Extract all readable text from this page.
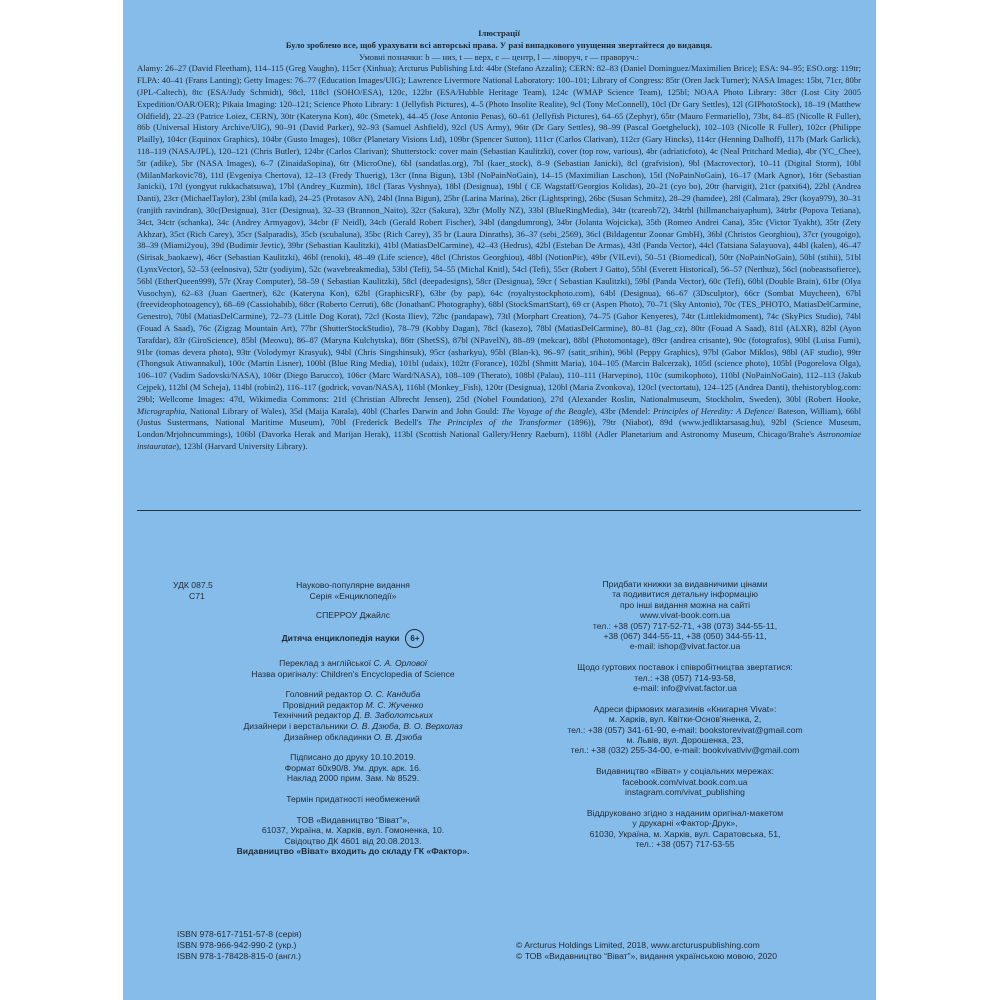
Ілюстрації
Було зроблено все, щоб урахувати всі авторські права. У разі випадкового упущення звертайтеся до видавця.
Умовні позначки: b — низ, t — верх, c — центр, l — ліворуч, r — праворуч.:
Alamy: 26–27 (David Fleetham), 114–115 (Greg Vaughn), 115cr (Xinhua); Arcturus Publishing Ltd: 44br (Stefano Azzalin); CERN: 82–83 (Daniel Dominguez/Maximilien Brice); ESA: 94–95; ESO.org: 119tr; FLPA: 40–41 (Frans Lanting); Getty Images: 76–77 (Education Images/UIG); Lawrence Livermore National Laboratory: 100–101; Library of Congress: 85tr (Oren Jack Turner); NASA Images: 15bt, 71cr, 80br (JPL-Caltech), 8tc (ESA/Judy Schmidt), 98cl, 118cl (SOHO/ESA), 120c, 122br (ESA/Hubble Heritage Team), 124c (WMAP Science Team), 125bl; NOAA Photo Library: 38cr (Lost City 2005 Expedition/OAR/OER); Pikaia Imaging: 120–121; Science Photo Library: 1 (Jellyfish Pictures), 4–5 (Photo Insolite Realite), 9cl (Tony McConnell), 10cl (Dr Gary Settles), 12l (GIPhotoStock), 18–19 (Matthew Oldfield), 22–23 (Patrice Loiez, CERN), 30tr (Kateryna Kon), 40c (Smetek), 44–45 (Jose Antonio Penas), 60–61 (Jellyfish Pictures), 64–65 (Zephyr), 65tr (Mauro Fermariello), 73bt, 84–85 (Nicolle R Fuller), 86b (Universal History Archive/UIG), 90–91 (David Parker), 92–93 (Samuel Ashfield), 92cl (US Army), 96tr (Dr Gary Settles), 98–99 (Pascal Goetgheluck), 102–103 (Nicolle R Fuller), 102cr (Philippe Plailly), 104cr (Equinox Graphics), 104br (Gusto Images), 108cr (Planetary Visions Ltd), 109br (Spencer Sutton), 111cr (Carlos Clarivan), 112cr (Gary Hincks), 114cr (Henning Dalhoff), 117b (Mark Garlick), 118–119 (NASA/JPL), 120–121 (Chris Butler), 124br (Carlos Clarivan); Shutterstock: cover main (Sebastian Kaulitzki), cover (top row, various), 4br (adriaticfoto), 4c (Neal Pritchard Media), 4br (YC_Chee), 5tr (adike), 5br (NASA Images), 6–7 (ZinaidaSopina), 6tr (MicroOne), 6bl (sandatlas.org), 7bl (kaer_stock), 8–9 (Sebastian Janicki), 8cl (grafvision), 9bl (Macrovector), 10–11 (Digital Storm), 10bl (MilanMarkovic78), 11tl (Evgeniya Chertova), 12–13 (Fredy Thuerig), 13cr (Inna Bigun), 13bl (NoPainNoGain), 14–15 (Maximilian Laschon), 15tl (NoPainNoGain), 16–17 (Mark Agnor), 16tr (Sebastian Janicki), 17tl (yongyut rukkachatsuwa), 17bl (Andrey_Kuzmin), 18cl (Taras Vyshnya), 18bl (Designua), 19bl ( CE Wagstaff/Georgios Kolidas), 20–21 (cyo bo), 20tr (harvigit), 21cr (patxi64), 22bl (Andrea Danti), 23cr (MichaelTaylor), 23bl (mila kad), 24–25 (Protasov AN), 24bl (Inna Bigun), 25br (Larina Marina), 26cr (Lightspring), 26bc (Susan Schmitz), 28–29 (hamdee), 28l (Calmara), 29cr (koya979), 30–31 (ranjith ravindran), 30c(Designua), 31cr (Designua), 32–33 (Brannon_Naito), 32cr (Sakura), 32br (Molly NZ), 33bl (BlueRingMedia), 34tr (tcareob72), 34trbl (hillmanchaiyaphum), 34trbr (Popova Tetiana), 34ct, 34ctr (schanka), 34c (Andrey Armyagov), 34cbr (F Neidl), 34cb (Gerald Robert Fischer), 34bl (dangdumrong), 34br (Jolanta Wojcicka), 35tb (Romeo Andrei Cana), 35tc (Victor Tyakht), 35tr (Zety Akhzar), 35ct (Rich Carey), 35cr (Salparadis), 35cb (scubaluna), 35bc (Rich Carey), 35 br (Laura Dinraths), 36–37 (sebi_2569), 36cl (Bildagentur Zoonar GmbH), 36bl (Christos Georghiou), 37cr (yougoigo), 38–39 (Miami2you), 39d (Budimir Jevtic), 39br (Sebastian Kaulitzki), 41bl (MatiasDelCarmine), 42–43 (Hedrus), 42bl (Esteban De Armas), 43tl (Panda Vector), 44cl (Tatsiana Salayuova), 44bl (kalen), 46–47 (Sirisak_baokaew), 46cr (Sebastian Kaulitzki), 46bl (renoki), 48–49 (Life science), 48cl (Christos Georghiou), 48bl (NotionPic), 49br (VILevi), 50–51 (Biomedical), 50tr (NoPainNoGain), 50bl (stihii), 51bl (LynxVector), 52–53 (eelnosiva), 52tr (yodiyim), 52c (wavebreakmedia), 53bl (Tefi), 54–55 (Michal Knitl), 54cl (Tefi), 55cr (Robert J Gatto), 55bl (Everett Historical), 56–57 (Nerthuz), 56cl (nobeastsofierce), 56bl (EtherQueen999), 57r (Xray Computer), 58–59 ( Sebastian Kaulitzki), 58cl (deepadesigns), 58cr (Designua), 59cr ( Sebastian Kaulitzki), 59bl (Panda Vector), 60c (Tefi), 60bl (Double Brain), 61br (Olya Vusochyn), 62–63 (Juan Gaertner), 62c (Kateryna Kon), 62bl (GraphicsRF), 63br (by pap), 64c (royaltystockphoto.com), 64bl (Designua), 66–67 (3Dsculptor), 66cr (Sombat Muycheen), 67bl (freevideophotoagency), 68–69 (Cassiohabib), 68cr (Roberto Cerruti), 68c (JonathanC Photography), 68bl (StockSmartStart), 69 cr (Aspen Photo), 70–71 (Sky Antonio), 70c (TES_PHOTO, MatiasDelCarmine, Genestro), 70bl (MatiasDelCarmine), 72–73 (Little Dog Korat), 72cl (Kosta Iliev), 72bc (pandapaw), 73tl (Morphart Creation), 74–75 (Gabor Kenyeres), 74tr (Littlekidmoment), 74c (SkyPics Studio), 74bl (Fouad A Saad), 76c (Zigzag Mountain Art), 77br (ShutterStockStudio), 78–79 (Kobby Dagan), 78cl (kasezo), 78bl (MatiasDelCarmine), 80–81 (Jag_cz), 80tr (Fouad A Saad), 81tl (ALXR), 82bl (Ayon Tarafdar), 83r (GiroScience), 85bl (Meowu), 86–87 (Maryna Kulchytska), 86tr (ShetSS), 87bl (NPavelN), 88–89 (mekcar), 88bl (Photomontage), 89cr (andrea crisante), 90c (fotografos), 90bl (Luisa Fumi), 91br (tomas devera photo), 93tr (Volodymyr Krasyuk), 94bl (Chris Singshinsuk), 95cr (asharkyu), 95bl (Blan-k), 96–97 (satit_srihin), 96bl (Peppy Graphics), 97bl (Gabor Miklos), 98bl (AF studio), 99tr (Thongsuk Atiwannakul), 100c (Martin Lisner), 100bl (Blue Ring Media), 101bl (udaix), 102tr (Forance), 102bl (Shmitt Maria), 104–105 (Marcin Balcerzak), 105tl (science photo), 105bl (Pogorelova Olga), 106–107 (Vadim Sadovski/NASA), 106tr (Diego Barucco), 106cr (Marc Ward/NASA), 108–109 (Therato), 108bl (Palau), 110–111 (Harvepino), 110c (sumikophoto), 110bl (NoPainNoGain), 112–113 (Jakub Cejpek), 112bl (M Scheja), 114bl (robin2), 116–117 (godrick, vovan/NASA), 116bl (Monkey_Fish), 120tr (Designua), 120bl (Maria Zvonkova), 120cl (vectortatu), 124–125 (Andrea Danti), thehistoryblog.com: 29bl; Wellcome Images: 47tl, Wikimedia Commons: 21tl (Christian Albrecht Jensen), 25tl (Nobel Foundation), 27tl (Alexander Roslin, Nationalmuseum, Stockholm, Sweden), 30bl (Robert Hooke, Micrographia, National Library of Wales), 35d (Maija Karala), 40bl (Charles Darwin and John Gould: The Voyage of the Beagle), 43br (Mendel: Principles of Heredity: A Defence/ Bateson, William), 66bl (Justus Sustermans, National Maritime Museum), 70bl (Frederick Bedell's The Principles of the Transformer (1896)), 79tr (Niabot), 89d (www.jedliktarsasag.hu), 92bl (Science Museum, London/Mrjohncummings), 106bl (Davorka Herak and Marijan Herak), 113bl (Scottish National Gallery/Henry Raeburn), 118bl (Adler Planetarium and Astronomy Museum, Chicago/Brahe's Astronomiae instauratae), 123bl (Harvard University Library).
УДК 087.5
С71
Науково-популярне видання
Серія «Енциклопедії»
СПЕРРОУ Джайлс
Дитяча енциклопедія науки 6+
Переклад з англійської С. А. Орлової
Назва оригіналу: Children's Encyclopedia of Science
Головний редактор О. С. Кандиба
Провідний редактор М. С. Жученко
Технічний редактор Д. В. Заболотських
Дизайнери і верстальники О. В. Дзюба, В. О. Верхолаз
Дизайнер обкладинки О. В. Дзюба
Підписано до друку 10.10.2019.
Формат 60х90/8. Ум. друк. арк. 16.
Наклад 2000 прим. Зам. № 8529.
Термін придатності необмежений
ТОВ «Видавництво “Віват”»,
61037, Україна, м. Харків, вул. Гомоненка, 10.
Свідоцтво ДК 4601 від 20.08.2013.
Видавництво «Віват» входить до складу ГК «Фактор».
Придбати книжки за видавничими цінами
та подивитися детальну інформацію
про інші видання можна на сайті
www.vivat-book.com.ua
тел.: +38 (057) 717-52-71, +38 (073) 344-55-11,
+38 (067) 344-55-11, +38 (050) 344-55-11,
e-mail: ishop@vivat.factor.ua
Щодо гуртових поставок і співробітництва звертатися:
тел.: +38 (057) 714-93-58,
e-mail: info@vivat.factor.ua
Адреси фірмових магазинів «Книгарня Vivat»:
м. Харків, вул. Квітки-Основ'яненка, 2,
тел.: +38 (057) 341-61-90, e-mail: bookstorevivat@gmail.com
м. Львів, вул. Дорошенка, 23,
тел.: +38 (032) 255-34-00, e-mail: bookvivatlviv@gmail.com
Видавництво «Віват» у соціальних мережах:
facebook.com/vivat.book.com.ua
instagram.com/vivat_publishing
Віддруковано згідно з наданим оригінал-макетом
у друкарні «Фактор-Друк»,
61030, Україна, м. Харків, вул. Саратовська, 51,
тел.: +38 (057) 717-53-55
ISBN 978-617-7151-57-8 (серія)
ISBN 978-966-942-990-2 (укр.)
ISBN 978-1-78428-815-0 (англ.)
© Arcturus Holdings Limited, 2018, www.arcturuspublishing.com
© ТОВ «Видавництво “Віват”», видання українською мовою, 2020
